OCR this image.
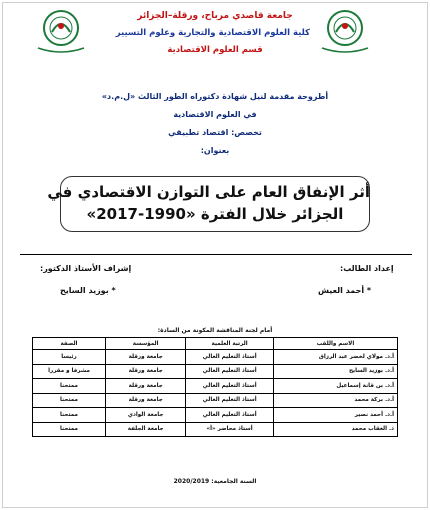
جامعة قاصدي مرباح، ورقلة–الجزائر
كلية العلوم الاقتصادية والتجارية وعلوم التسيير
قسم العلوم الاقتصادية
أطروحة مقدمة لنيل شهادة دكتوراه الطور الثالث «ل.م.د»
في العلوم الاقتصادية
تخصص: اقتصاد تطبيقي
بعنوان:
أثر الإنفاق العام على التوازن الاقتصادي في
الجزائر خلال الفترة «1990-2017»
إعداد الطالب:
إشراف الأستاذ الدكتور:
* أحمد العيش
* بوزيد السايح
أمام لجنة المناقشة المكونة من السادة:
الاسم واللقب	الرتبة العلمية	المؤسسة	الصفة
أ.د. مولاي لخضر عبد الرزاق	أستاذ التعليم العالي	جامعة ورقلة	رئيسا
أ.د. بوزيد السايح	أستاذ التعليم العالي	جامعة ورقلة	مشرفا و مقررا
أ.د. بن قانة إسماعيل	أستاذ التعليم العالي	جامعة ورقلة	ممتحنا
أ.د. بركة محمد	أستاذ التعليم العالي	جامعة ورقلة	ممتحنا
أ.د. أحمد نصير	أستاذ التعليم العالي	جامعة الوادي	ممتحنا
د. العقاب محمد	أستاذ محاضر «أ»	جامعة الجلفة	ممتحنا
السنة الجامعية: 2020/2019
